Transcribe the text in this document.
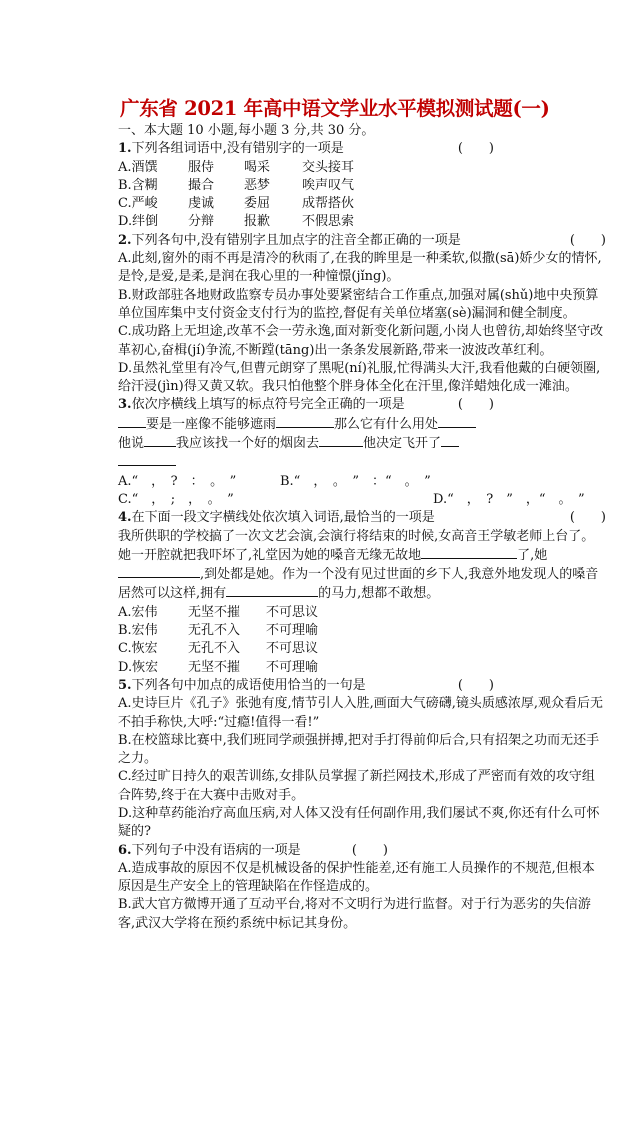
广东省 2021 年高中语文学业水平模拟测试题(一)
一、本大题 10 小题,每小题 3 分,共 30 分。
1.下列各组词语中,没有错别字的一项是	(　　)
A.酒馔 服侍 喝采 交头接耳
B.含糊 撮合 恶梦 唉声叹气
C.严峻 虔诚 委屈 成帮搭伙
D.绊倒 分辩 报歉 不假思索
2.下列各句中,没有错别字且加点字的注音全都正确的一项是	(　　)
A.此刻,窗外的雨不再是清冷的秋雨了,在我的眸里是一种柔软,似撒(sā)娇少女的情怀,是怜,是爱,是柔,是润在我心里的一种憧憬(jǐng)。
B.财政部驻各地财政监察专员办事处要紧密结合工作重点,加强对属(shǔ)地中央预算单位国库集中支付资金支付行为的监控,督促有关单位堵塞(sè)漏洞和健全制度。
C.成功路上无坦途,改革不会一劳永逸,面对新变化新问题,小岗人也曾彷,却始终坚守改革初心,奋楫(jí)争流,不断蹚(tāng)出一条条发展新路,带来一波波改革红利。
D.虽然礼堂里有冷气,但曹元朗穿了黑呢(ní)礼服,忙得满头大汗,我看他戴的白硬领圈,给汗浸(jìn)得又黄又软。我只怕他整个胖身体全化在汗里,像洋蜡烛化成一滩油。
3.依次序横线上填写的标点符号完全正确的一项是	(　　)
要是一座像不能够遮雨	那么它有什么用处
他说 我应该找一个好的烟囱去	他决定飞开了
A.“　，　?　：　。　”	B.“　，　。　”　：“　。　”
C.“　，　;　，　。　”	D.“　，　?　”　，“　。　”
4.在下面一段文字横线处依次填入词语,最恰当的一项是	(　　)
我所供职的学校搞了一次文艺会演,会演行将结束的时候,女高音王学敏老师上台了。她一开腔就把我吓坏了,礼堂因为她的嗓音无缘无故地	了,她,到处都是她。作为一个没有见过世面的乡下人,我意外地发现人的嗓音居然可以这样,拥有	的马力,想都不敢想。
A.宏伟 无坚不摧 不可思议
B.宏伟 无孔不入 不可理喻
C.恢宏 无孔不入 不可思议
D.恢宏 无坚不摧 不可理喻
5.下列各句中加点的成语使用恰当的一句是	(　　)
A.史诗巨片《孔子》张弛有度,情节引人入胜,画面大气磅礴,镜头质感浓厚,观众看后无不拍手称快,大呼:“过瘾!值得一看!”
B.在校篮球比赛中,我们班同学顽强拼搏,把对手打得前仰后合,只有招架之功而无还手之力。
C.经过旷日持久的艰苦训练,女排队员掌握了新拦网技术,形成了严密而有效的攻守组合阵势,终于在大赛中击败对手。
D.这种草药能治疗高血压病,对人体又没有任何副作用,我们屡试不爽,你还有什么可怀疑的?
6.下列句子中没有语病的一项是	(　　)
A.造成事故的原因不仅是机械设备的保护性能差,还有施工人员操作的不规范,但根本原因是生产安全上的管理缺陷在作怪造成的。
B.武大官方微博开通了互动平台,将对不文明行为进行监督。对于行为恶劣的失信游客,武汉大学将在预约系统中标记其身份。
